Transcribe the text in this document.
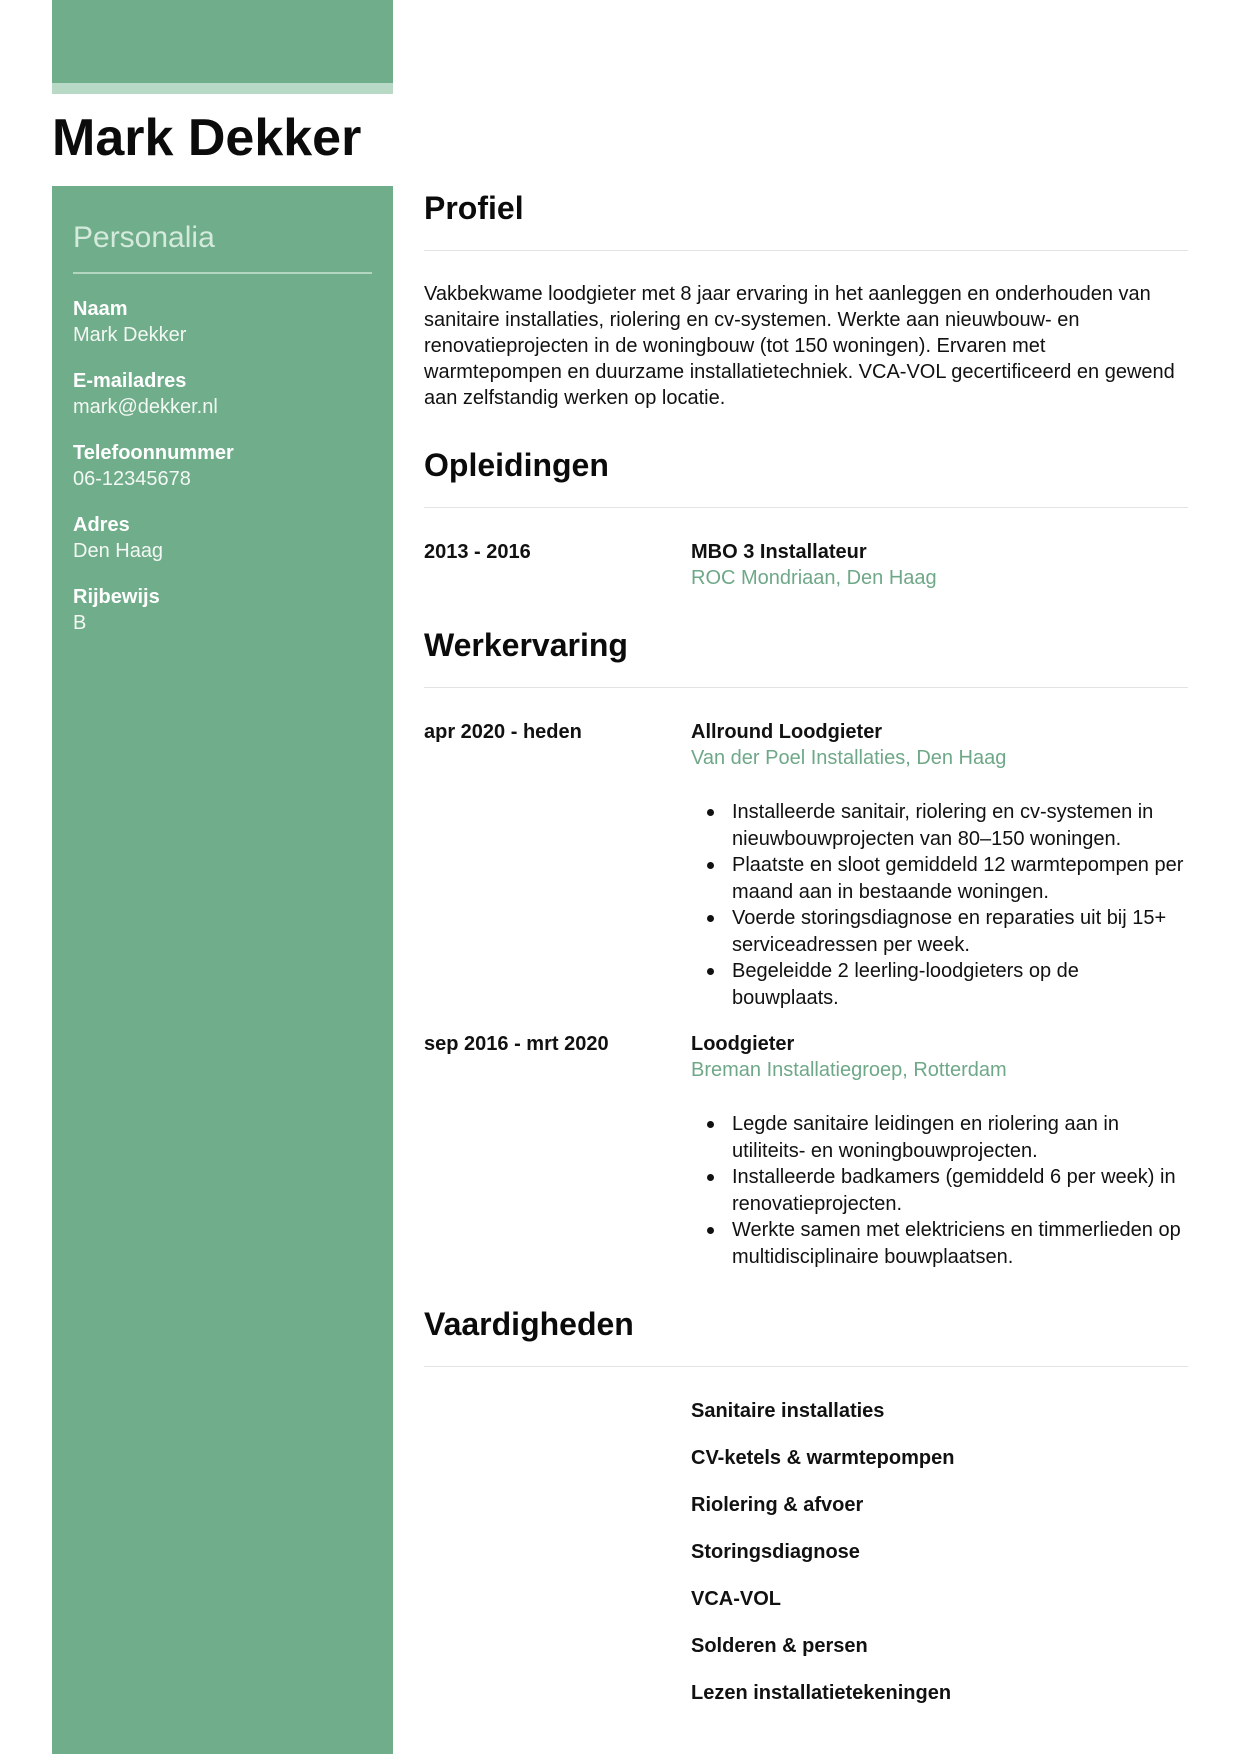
Mark Dekker
Personalia
Naam
Mark Dekker
E-mailadres
mark@dekker.nl
Telefoonnummer
06-12345678
Adres
Den Haag
Rijbewijs
B
Profiel

Vakbekwame loodgieter met 8 jaar ervaring in het aanleggen en onderhouden van sanitaire installaties, riolering en cv-systemen. Werkte aan nieuwbouw- en renovatieprojecten in de woningbouw (tot 150 woningen). Ervaren met warmtepompen en duurzame installatietechniek. VCA-VOL gecertificeerd en gewend aan zelfstandig werken op locatie.

Opleidingen
2013 - 2016	MBO 3 Installateur
ROC Mondriaan, Den Haag
Werkervaring
apr 2020 - heden	Allround Loodgieter
Van der Poel Installaties, Den Haag
Installeerde sanitair, riolering en cv-systemen in nieuwbouwprojecten van 80–150 woningen.
Plaatste en sloot gemiddeld 12 warmtepompen per maand aan in bestaande woningen.
Voerde storingsdiagnose en reparaties uit bij 15+ serviceadressen per week.
Begeleidde 2 leerling-loodgieters op de bouwplaats.
sep 2016 - mrt 2020	Loodgieter
Breman Installatiegroep, Rotterdam
Legde sanitaire leidingen en riolering aan in utiliteits- en woningbouwprojecten.
Installeerde badkamers (gemiddeld 6 per week) in renovatieprojecten.
Werkte samen met elektriciens en timmerlieden op multidisciplinaire bouwplaatsen.
Vaardigheden
Sanitaire installaties
CV-ketels & warmtepompen
Riolering & afvoer
Storingsdiagnose
VCA-VOL
Solderen & persen
Lezen installatietekeningen
